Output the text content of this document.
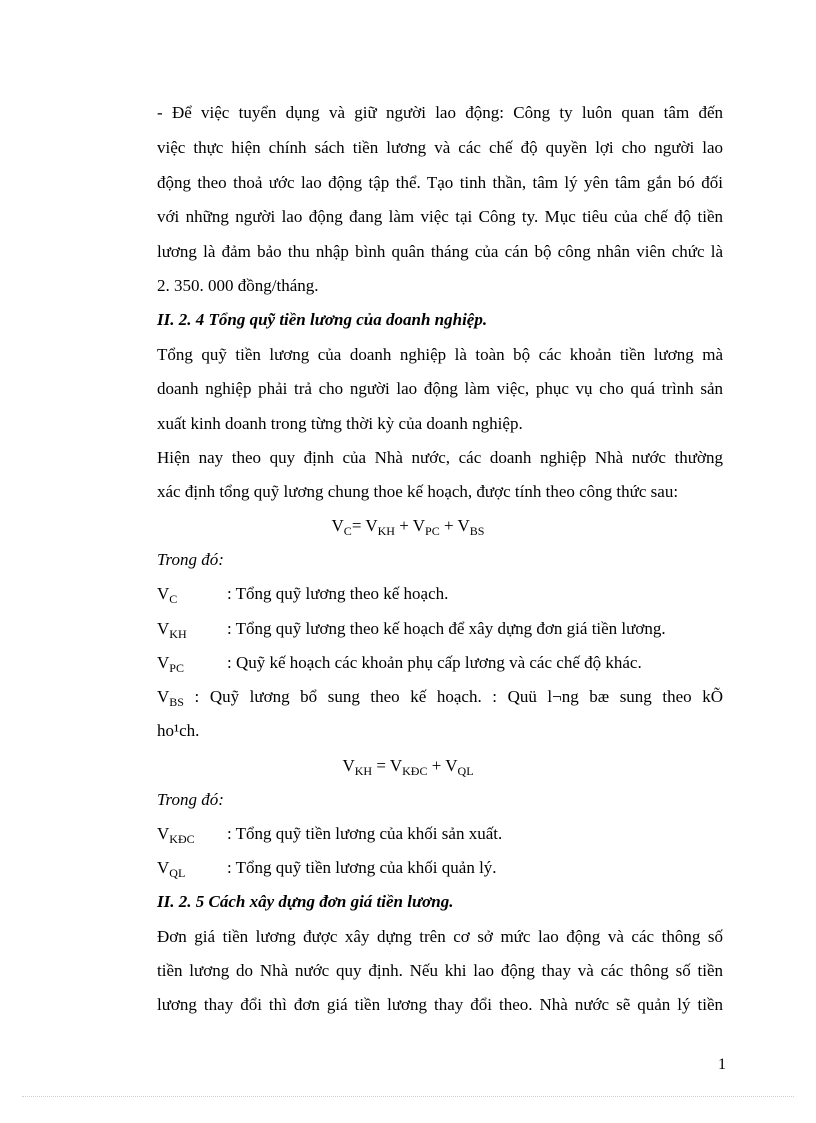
- Để việc tuyển dụng và giữ người lao động: Công ty luôn quan tâm đến
việc thực hiện chính sách tiền lương và các chế độ quyền lợi cho người lao
động theo thoả ước lao động tập thể. Tạo tinh thần, tâm lý yên tâm gắn bó đối
với những người lao động đang làm việc tại Công ty. Mục tiêu của chế độ tiền
lương là đảm bảo thu nhập bình quân tháng của cán bộ công nhân viên chức là
2. 350. 000 đồng/tháng.
II. 2. 4 Tổng quỹ tiền lương của doanh nghiệp.
Tổng quỹ tiền lương của doanh nghiệp là toàn bộ các khoản tiền lương mà
doanh nghiệp phải trả cho người lao động làm việc, phục vụ cho quá trình sản
xuất kinh doanh trong từng thời kỳ của doanh nghiệp.
Hiện nay theo quy định của Nhà nước, các doanh nghiệp Nhà nước thường
xác định tổng quỹ lương chung thoe kế hoạch, được tính theo công thức sau:
$V_C= V_{KH} + V_{PC} + V_{BS}$
Trong đó:
$V_C$	: Tổng quỹ lương theo kế hoạch.
$V_{KH}$ : Tổng quỹ lương theo kế hoạch để xây dựng đơn giá tiền lương.
$V_{PC}$	: Quỹ kế hoạch các khoản phụ cấp lương và các chế độ khác.
$V_{BS}$ : Quỹ lương bổ sung theo kế hoạch. : Quü l¬ng bæ sung theo kÕ
ho¹ch.
$V_{KH} = V_{KĐC} + V_{QL}$
Trong đó:
$V_{KĐC}$ : Tổng quỹ tiền lương của khối sản xuất.
$V_{QL}$ : Tổng quỹ tiền lương của khối quản lý.
II. 2. 5 Cách xây dựng đơn giá tiền lương.
Đơn giá tiền lương được xây dựng trên cơ sở mức lao động và các thông số
tiền lương do Nhà nước quy định. Nếu khi lao động thay và các thông số tiền
lương thay đổi thì đơn giá tiền lương thay đổi theo. Nhà nước sẽ quản lý tiền
1
